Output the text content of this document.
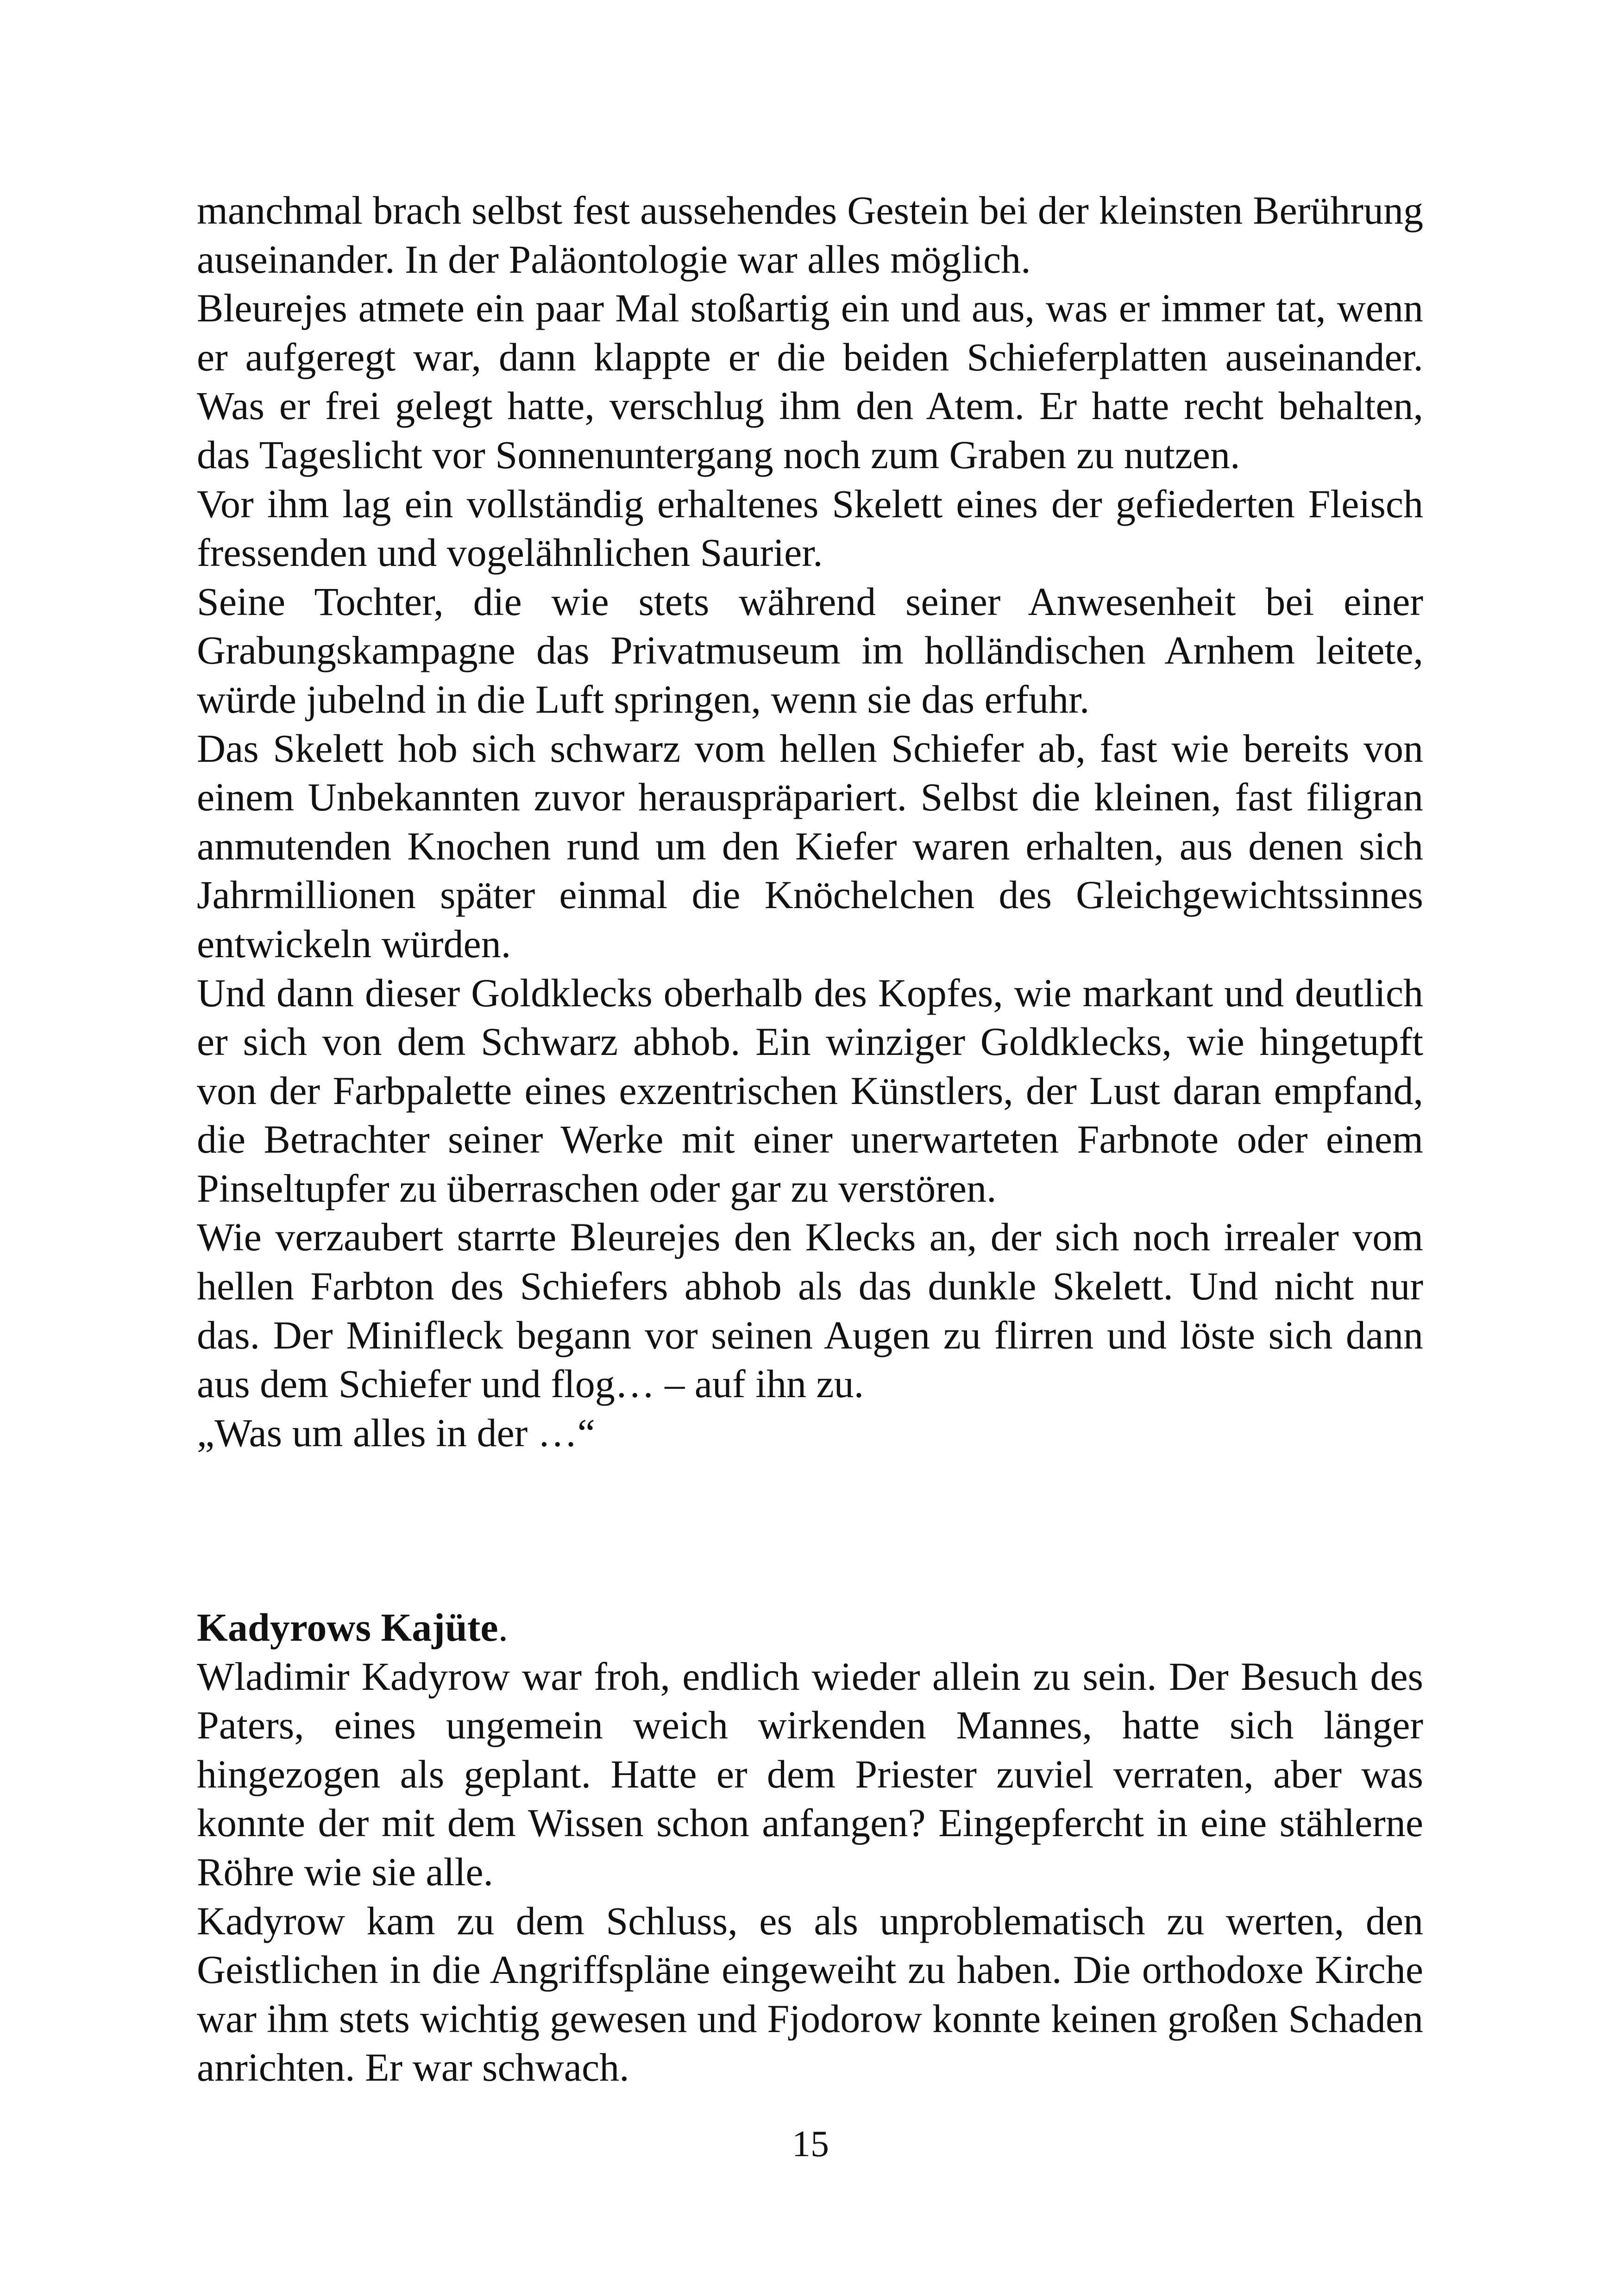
manchmal brach selbst fest aussehendes Gestein bei der kleinsten Berührung auseinander. In der Paläontologie war alles möglich.

Bleurejes atmete ein paar Mal stoßartig ein und aus, was er immer tat, wenn er aufgeregt war, dann klappte er die beiden Schieferplatten auseinander. Was er frei gelegt hatte, verschlug ihm den Atem. Er hatte recht behalten, das Tageslicht vor Sonnenuntergang noch zum Graben zu nutzen.

Vor ihm lag ein vollständig erhaltenes Skelett eines der gefiederten Fleisch fressenden und vogelähnlichen Saurier.

Seine Tochter, die wie stets während seiner Anwesenheit bei einer Grabungskampagne das Privatmuseum im holländischen Arnhem leitete, würde jubelnd in die Luft springen, wenn sie das erfuhr.

Das Skelett hob sich schwarz vom hellen Schiefer ab, fast wie bereits von einem Unbekannten zuvor herauspräpariert. Selbst die kleinen, fast filigran anmutenden Knochen rund um den Kiefer waren erhalten, aus denen sich Jahrmillionen später einmal die Knöchelchen des Gleichgewichtssinnes entwickeln würden.

Und dann dieser Goldklecks oberhalb des Kopfes, wie markant und deutlich er sich von dem Schwarz abhob. Ein winziger Goldklecks, wie hingetupft von der Farbpalette eines exzentrischen Künstlers, der Lust daran empfand, die Betrachter seiner Werke mit einer unerwarteten Farbnote oder einem Pinseltupfer zu überraschen oder gar zu verstören.

Wie verzaubert starrte Bleurejes den Klecks an, der sich noch irrealer vom hellen Farbton des Schiefers abhob als das dunkle Skelett. Und nicht nur das. Der Minifleck begann vor seinen Augen zu flirren und löste sich dann aus dem Schiefer und flog… – auf ihn zu.

„Was um alles in der …“

Kadyrows Kajüte.

Wladimir Kadyrow war froh, endlich wieder allein zu sein. Der Besuch des Paters, eines ungemein weich wirkenden Mannes, hatte sich länger hingezogen als geplant. Hatte er dem Priester zuviel verraten, aber was konnte der mit dem Wissen schon anfangen? Eingepfercht in eine stählerne Röhre wie sie alle.

Kadyrow kam zu dem Schluss, es als unproblematisch zu werten, den Geistlichen in die Angriffspläne eingeweiht zu haben. Die orthodoxe Kirche war ihm stets wichtig gewesen und Fjodorow konnte keinen großen Schaden anrichten. Er war schwach.

15
